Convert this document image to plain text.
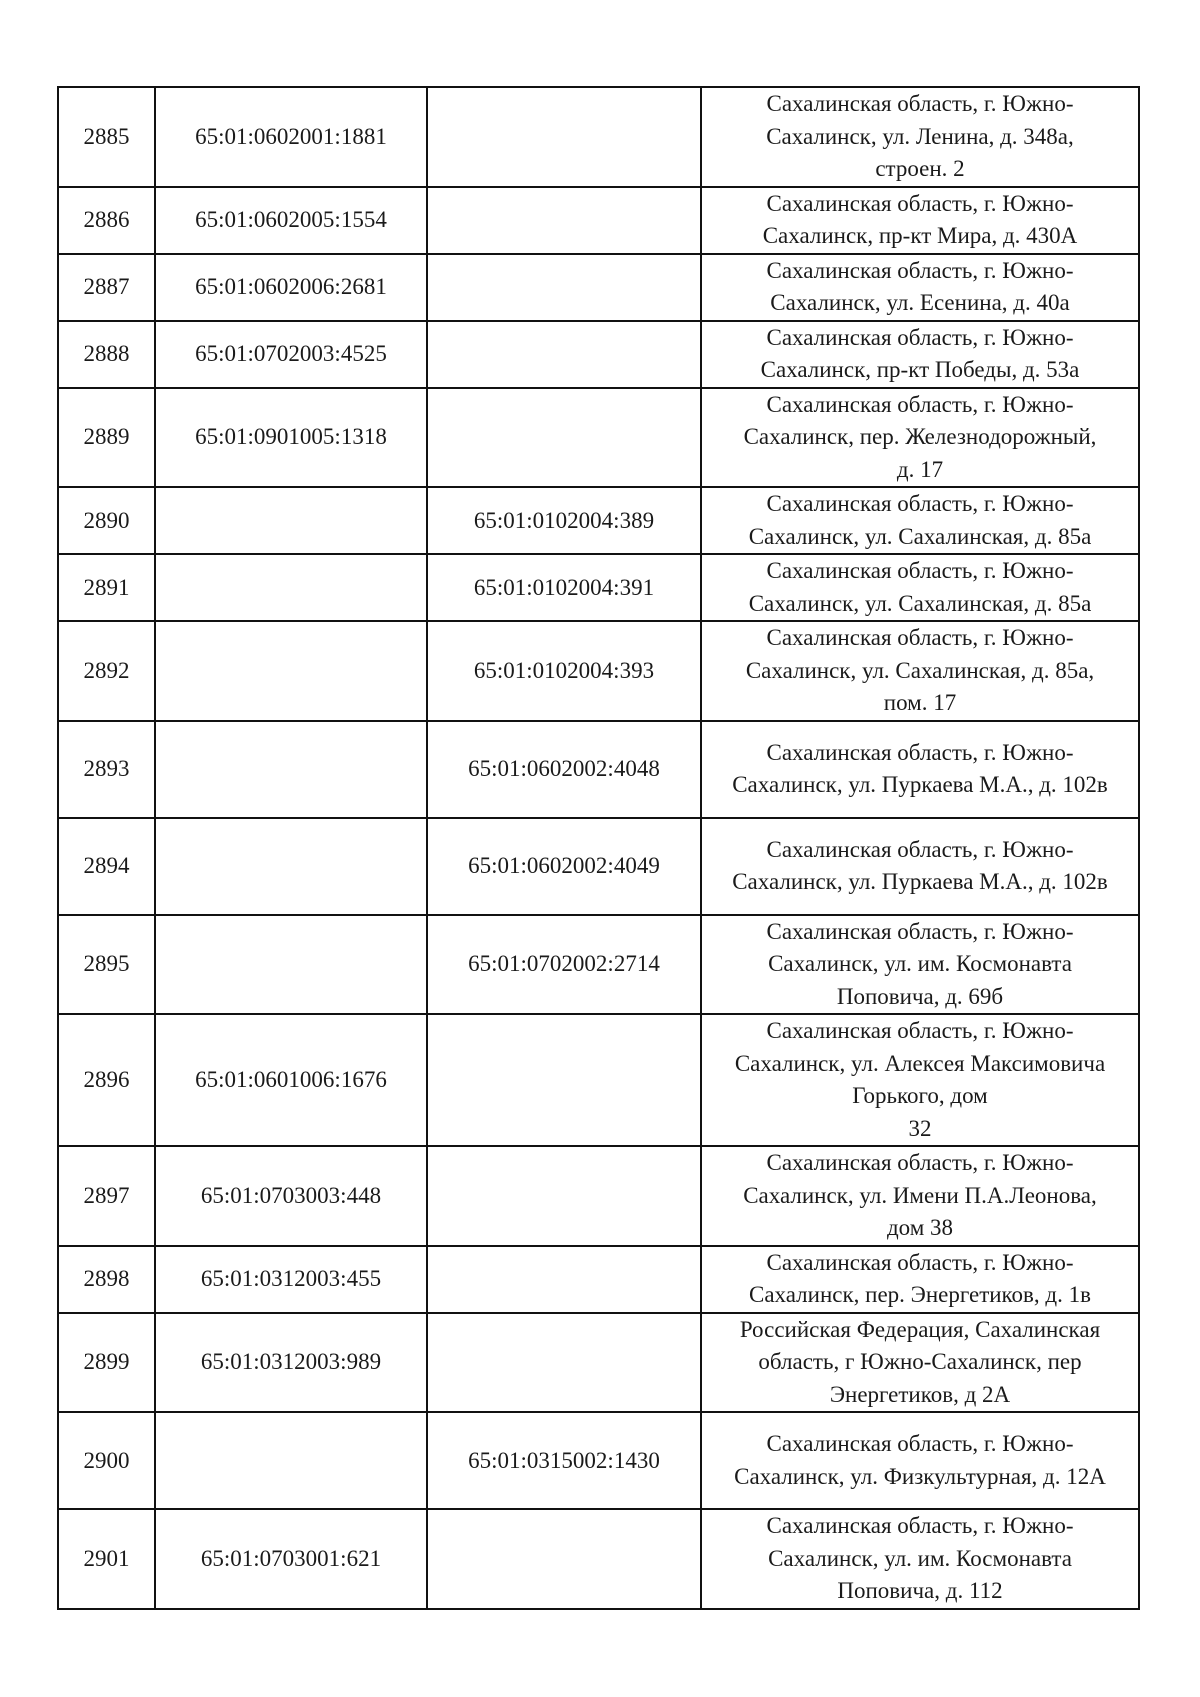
2885	65:01:0602001:1881		Сахалинская область, г. Южно-
Сахалинск, ул. Ленина, д. 348а,
строен. 2

2886	65:01:0602005:1554		Сахалинская область, г. Южно-
Сахалинск, пр-кт Мира, д. 430А

2887	65:01:0602006:2681		Сахалинская область, г. Южно-
Сахалинск, ул. Есенина, д. 40а

2888	65:01:0702003:4525		Сахалинская область, г. Южно-
Сахалинск, пр-кт Победы, д. 53а

2889	65:01:0901005:1318		Сахалинская область, г. Южно-
Сахалинск, пер. Железнодорожный,
д. 17

2890		65:01:0102004:389	Сахалинская область, г. Южно-
Сахалинск, ул. Сахалинская, д. 85а

2891		65:01:0102004:391	Сахалинская область, г. Южно-
Сахалинск, ул. Сахалинская, д. 85а

2892		65:01:0102004:393	Сахалинская область, г. Южно-
Сахалинск, ул. Сахалинская, д. 85а,
пом. 17

2893		65:01:0602002:4048	Сахалинская область, г. Южно-
Сахалинск, ул. Пуркаева М.А., д. 102в

2894		65:01:0602002:4049	Сахалинская область, г. Южно-
Сахалинск, ул. Пуркаева М.А., д. 102в

2895		65:01:0702002:2714	Сахалинская область, г. Южно-
Сахалинск, ул. им. Космонавта
Поповича, д. 69б

2896	65:01:0601006:1676		Сахалинская область, г. Южно-
Сахалинск, ул. Алексея Максимовича
Горького, дом
32

2897	65:01:0703003:448		Сахалинская область, г. Южно-
Сахалинск, ул. Имени П.А.Леонова,
дом 38

2898	65:01:0312003:455		Сахалинская область, г. Южно-
Сахалинск, пер. Энергетиков, д. 1в

2899	65:01:0312003:989		Российская Федерация, Сахалинская
область, г Южно-Сахалинск, пер
Энергетиков, д 2А

2900		65:01:0315002:1430	Сахалинская область, г. Южно-
Сахалинск, ул. Физкультурная, д. 12А

2901	65:01:0703001:621		Сахалинская область, г. Южно-
Сахалинск, ул. им. Космонавта
Поповича, д. 112
